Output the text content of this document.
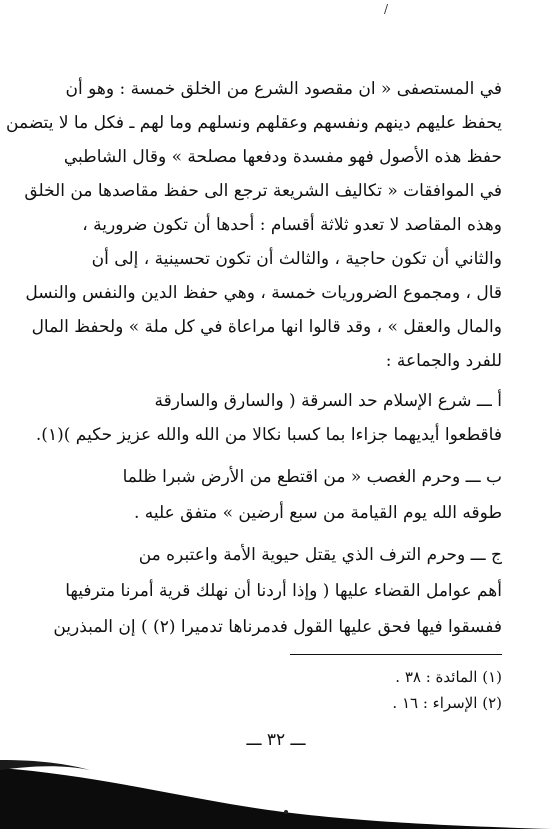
/
في المستصفى « ان مقصود الشرع من الخلق خمسة : وهو أن
يحفظ عليهم دينهم ونفسهم وعقلهم ونسلهم وما لهم ـ فكل ما لا يتضمن
حفظ هذه الأصول فهو مفسدة ودفعها مصلحة » وقال الشاطبي
في الموافقات « تكاليف الشريعة ترجع الى حفظ مقاصدها من الخلق
وهذه المقاصد لا تعدو ثلاثة أقسام : أحدها أن تكون ضرورية ،
والثاني أن تكون حاجية ، والثالث أن تكون تحسينية ، إلى أن
قال ، ومجموع الضروريات خمسة ، وهي حفظ الدين والنفس والنسل
والمال والعقل » ، وقد قالوا انها مراعاة في كل ملة » ولحفظ المال
للفرد والجماعة :
أ ـــ شرع الإسلام حد السرقة ( والسارق والسارقة
فاقطعوا أيديهما جزاءا بما كسبا نكالا من الله والله عزيز حكيم )(١).
ب ـــ وحرم الغصب « من اقتطع من الأرض شبرا ظلما
طوقه الله يوم القيامة من سبع أرضين » متفق عليه .
ج ـــ وحرم الترف الذي يقتل حيوية الأمة واعتبره من
أهم عوامل القضاء عليها ( وإذا أردنا أن نهلك قرية أمرنا مترفيها
ففسقوا فيها فحق عليها القول فدمرناها تدميرا (٢) ) إن المبذرين
(١) المائدة : ٣٨ .
(٢) الإسراء : ١٦ .
ـــ ٣٢ ـــ
